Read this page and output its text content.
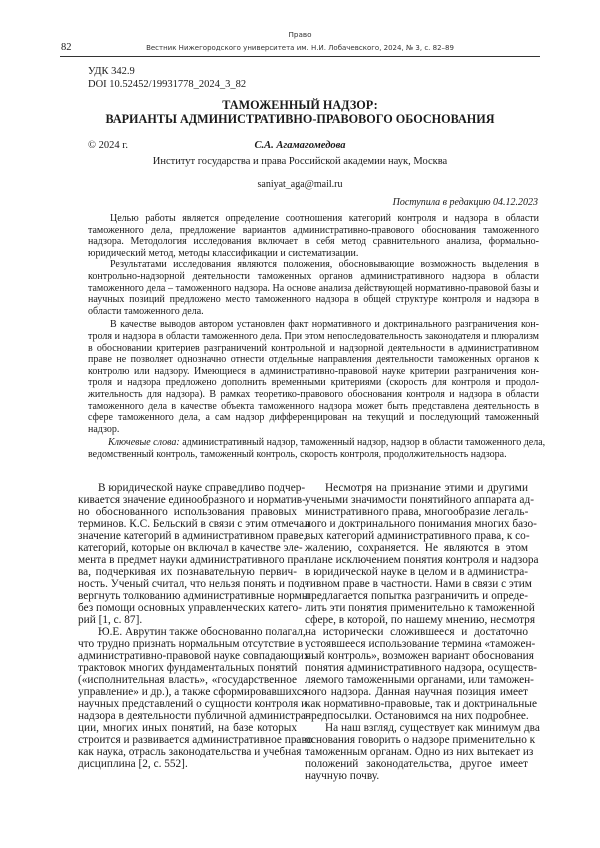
Право
82	Вестник Нижегородского университета им. Н.И. Лобачевского, 2024, № 3, с. 82–89
УДК 342.9
DOI 10.52452/19931778_2024_3_82
ТАМОЖЕННЫЙ НАДЗОР:
ВАРИАНТЫ АДМИНИСТРАТИВНО-ПРАВОВОГО ОБОСНОВАНИЯ
© 2024 г.	С.А. Агамагомедова
Институт государства и права Российской академии наук, Москва
saniyat_aga@mail.ru
Поступила в редакцию 04.12.2023
Целью работы является определение соотношения категорий контроля и надзора в области
таможенного дела, предложение вариантов административно-правового обоснования таможенного
надзора. Методология исследования включает в себя метод сравнительного анализа, формально-
юридический метод, методы классификации и систематизации.
Результатами исследования являются положения, обосновывающие возможность выделения в
контрольно-надзорной деятельности таможенных органов административного надзора в области
таможенного дела – таможенного надзора. На основе анализа действующей нормативно-правовой базы и
научных позиций предложено место таможенного надзора в общей структуре контроля и надзора в
области таможенного дела.
В качестве выводов автором установлен факт нормативного и доктринального разграничения кон-
троля и надзора в области таможенного дела. При этом непоследовательность законодателя и плюрализм
в обосновании критериев разграничений контрольной и надзорной деятельности в административном
праве не позволяет однозначно отнести отдельные направления деятельности таможенных органов к
контролю или надзору. Имеющиеся в административно-правовой науке критерии разграничения кон-
троля и надзора предложено дополнить временными критериями (скорость для контроля и продол-
жительность для надзора). В рамках теоретико-правового обоснования контроля и надзора в области
таможенного дела в качестве объекта таможенного надзора может быть представлена деятельность в
сфере таможенного дела, а сам надзор дифференцирован на текущий и последующий таможенный
надзор.
Ключевые слова: административный надзор, таможенный надзор, надзор в области таможенного дела,
ведомственный контроль, таможенный контроль, скорость контроля, продолжительность надзора.
В юридической науке справедливо подчер-
кивается значение единообразного и норматив-
но обоснованного использования правовых
терминов. К.С. Бельский в связи с этим отмечал
значение категорий в административном праве,
категорий, которые он включал в качестве эле-
мента в предмет науки административного пра-
ва, подчеркивая их познавательную первич-
ность. Ученый считал, что нельзя понять и под-
вергнуть толкованию административные нормы
без помощи основных управленческих катего-
рий [1, с. 87].
Ю.Е. Аврутин также обоснованно полагал,
что трудно признать нормальным отсутствие в
административно-правовой науке совпадающих
трактовок многих фундаментальных понятий
(«исполнительная власть», «государственное
управление» и др.), а также сформировавшихся
научных представлений о сущности контроля и
надзора в деятельности публичной администра-
ции, многих иных понятий, на базе которых
строится и развивается административное право
как наука, отрасль законодательства и учебная
дисциплина [2, с. 552].
Несмотря на признание этими и другими
учеными значимости понятийного аппарата ад-
министративного права, многообразие легаль-
ного и доктринального понимания многих базо-
вых категорий административного права, к со-
жалению, сохраняется. Не являются в этом
плане исключением понятия контроля и надзора
в юридической науке в целом и в администра-
тивном праве в частности. Нами в связи с этим
предлагается попытка разграничить и опреде-
лить эти понятия применительно к таможенной
сфере, в которой, по нашему мнению, несмотря
на исторически сложившееся и достаточно
устоявшееся использование термина «таможен-
ный контроль», возможен вариант обоснования
понятия административного надзора, осуществ-
ляемого таможенными органами, или таможен-
ного надзора. Данная научная позиция имеет
как нормативно-правовые, так и доктринальные
предпосылки. Остановимся на них подробнее.
На наш взгляд, существует как минимум два
основания говорить о надзоре применительно к
таможенным органам. Одно из них вытекает из
положений законодательства, другое имеет
научную почву.
